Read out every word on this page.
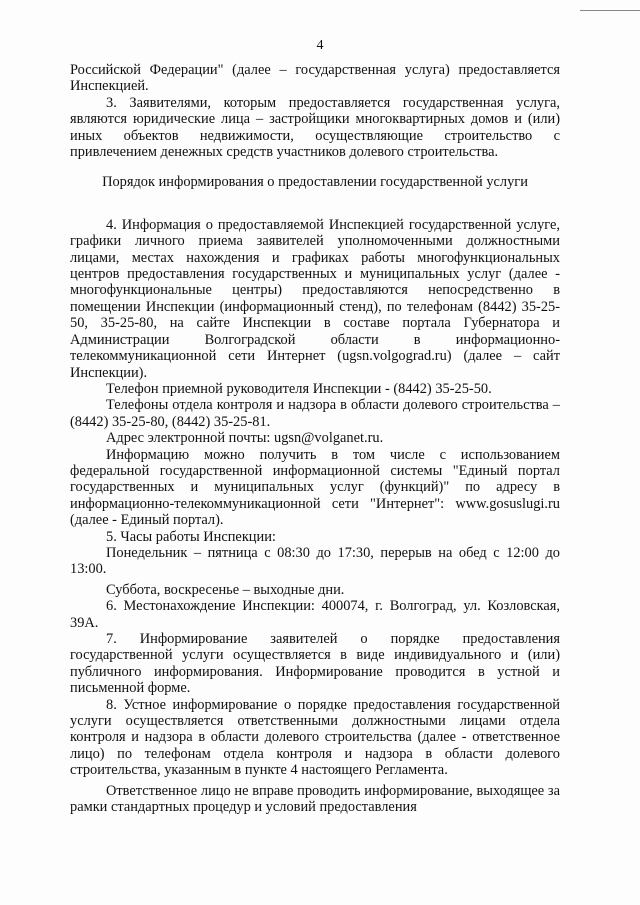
4

Российской Федерации" (далее – государственная услуга) предоставляется Инспекцией.

3. Заявителями, которым предоставляется государственная услуга, являются юридические лица – застройщики многоквартирных домов и (или) иных объектов недвижимости, осуществляющие строительство с привлечением денежных средств участников долевого строительства.

Порядок информирования о предоставлении государственной услуги

4. Информация о предоставляемой Инспекцией государственной услуге, графики личного приема заявителей уполномоченными должностными лицами, местах нахождения и графиках работы многофункциональных центров предоставления государственных и муниципальных услуг (далее - многофункциональные центры) предоставляются непосредственно в помещении Инспекции (информационный стенд), по телефонам (8442) 35-25-50, 35-25-80, на сайте Инспекции в составе портала Губернатора и Администрации Волгоградской области в информационно-телекоммуникационной сети Интернет (ugsn.volgograd.ru) (далее – сайт Инспекции).

Телефон приемной руководителя Инспекции - (8442) 35-25-50.

Телефоны отдела контроля и надзора в области долевого строительства – (8442) 35-25-80, (8442) 35-25-81.

Адрес электронной почты: ugsn@volganet.ru.

Информацию можно получить в том числе с использованием федеральной государственной информационной системы "Единый портал государственных и муниципальных услуг (функций)" по адресу в информационно-телекоммуникационной сети "Интернет": www.gosuslugi.ru (далее - Единый портал).

5. Часы работы Инспекции:

Понедельник – пятница с 08:30 до 17:30, перерыв на обед с 12:00 до 13:00.

Суббота, воскресенье – выходные дни.

6. Местонахождение Инспекции: 400074, г. Волгоград, ул. Козловская, 39А.

7. Информирование заявителей о порядке предоставления государственной услуги осуществляется в виде индивидуального и (или) публичного информирования. Информирование проводится в устной и письменной форме.

8. Устное информирование о порядке предоставления государственной услуги осуществляется ответственными должностными лицами отдела контроля и надзора в области долевого строительства (далее - ответственное лицо) по телефонам отдела контроля и надзора в области долевого строительства, указанным в пункте 4 настоящего Регламента.

Ответственное лицо не вправе проводить информирование, выходящее за рамки стандартных процедур и условий предоставления
